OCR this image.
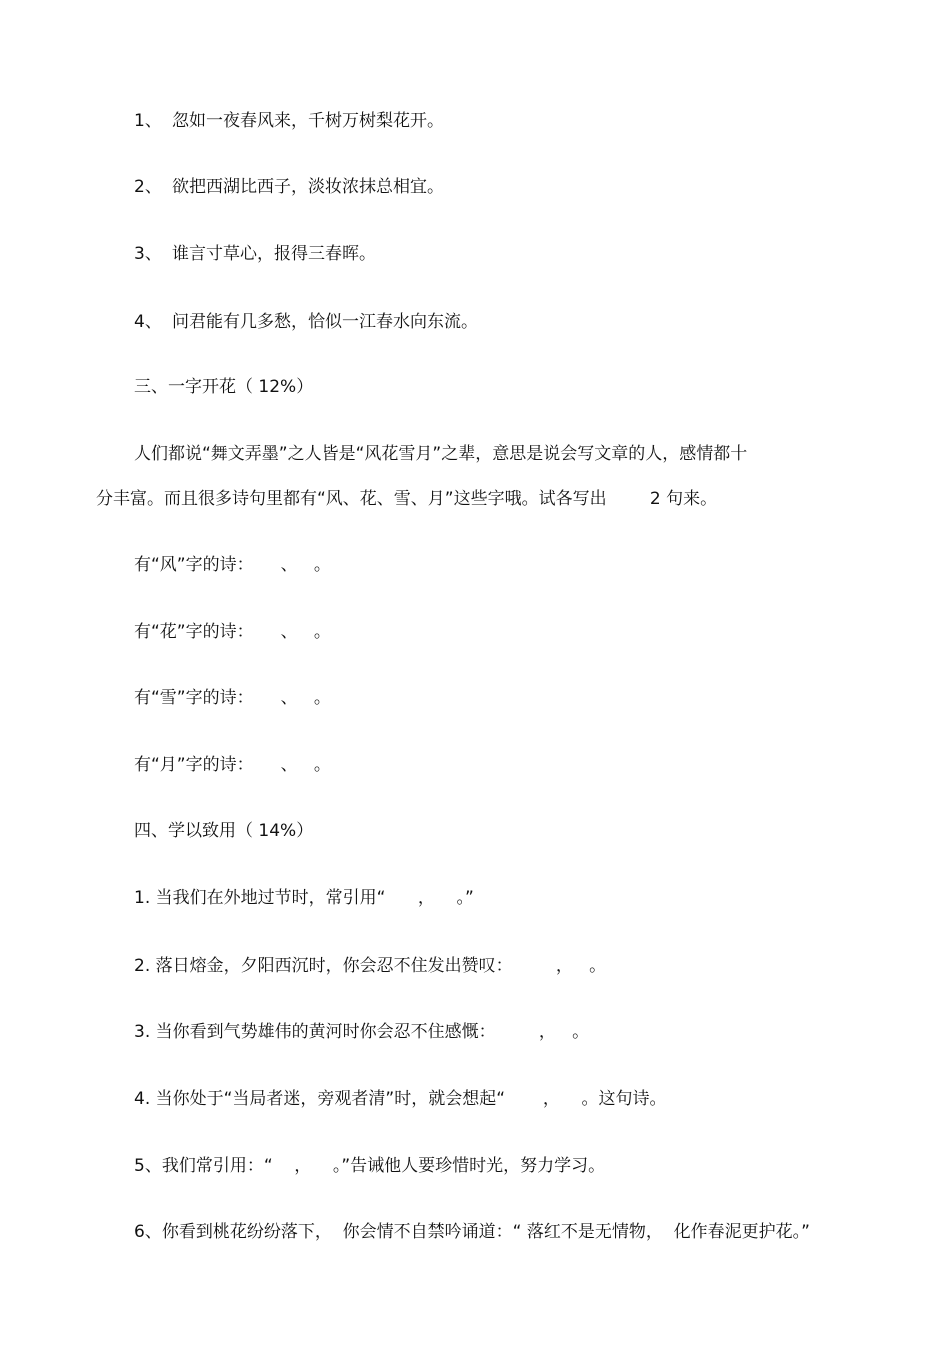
1、 忽如一夜春风来，千树万树梨花开。
2、 欲把西湖比西子，淡妆浓抹总相宜。
3、 谁言寸草心，报得三春晖。
4、 问君能有几多愁，恰似一江春水向东流。
三、一字开花（ 12%）
人们都说“舞文弄墨”之人皆是“风花雪月”之辈，意思是说会写文章的人，感情都十
分丰富。而且很多诗句里都有“风、花、雪、月”这些字哦。试各写出        2 句来。
有“风”字的诗：     、   。
有“花”字的诗：     、   。
有“雪”字的诗：     、   。
有“月”字的诗：     、   。
四、学以致用（ 14%）
1. 当我们在外地过节时，常引用“      ，    。”
2. 落日熔金，夕阳西沉时，你会忍不住发出赞叹：        ，   。
3. 当你看到气势雄伟的黄河时你会忍不住感慨：        ，   。
4. 当你处于“当局者迷，旁观者清”时，就会想起“       ，    。这句诗。
5、我们常引用：“    ，    。”告诫他人要珍惜时光，努力学习。
6、你看到桃花纷纷落下，  你会情不自禁吟诵道：“ 落红不是无情物，  化作春泥更护花。”
